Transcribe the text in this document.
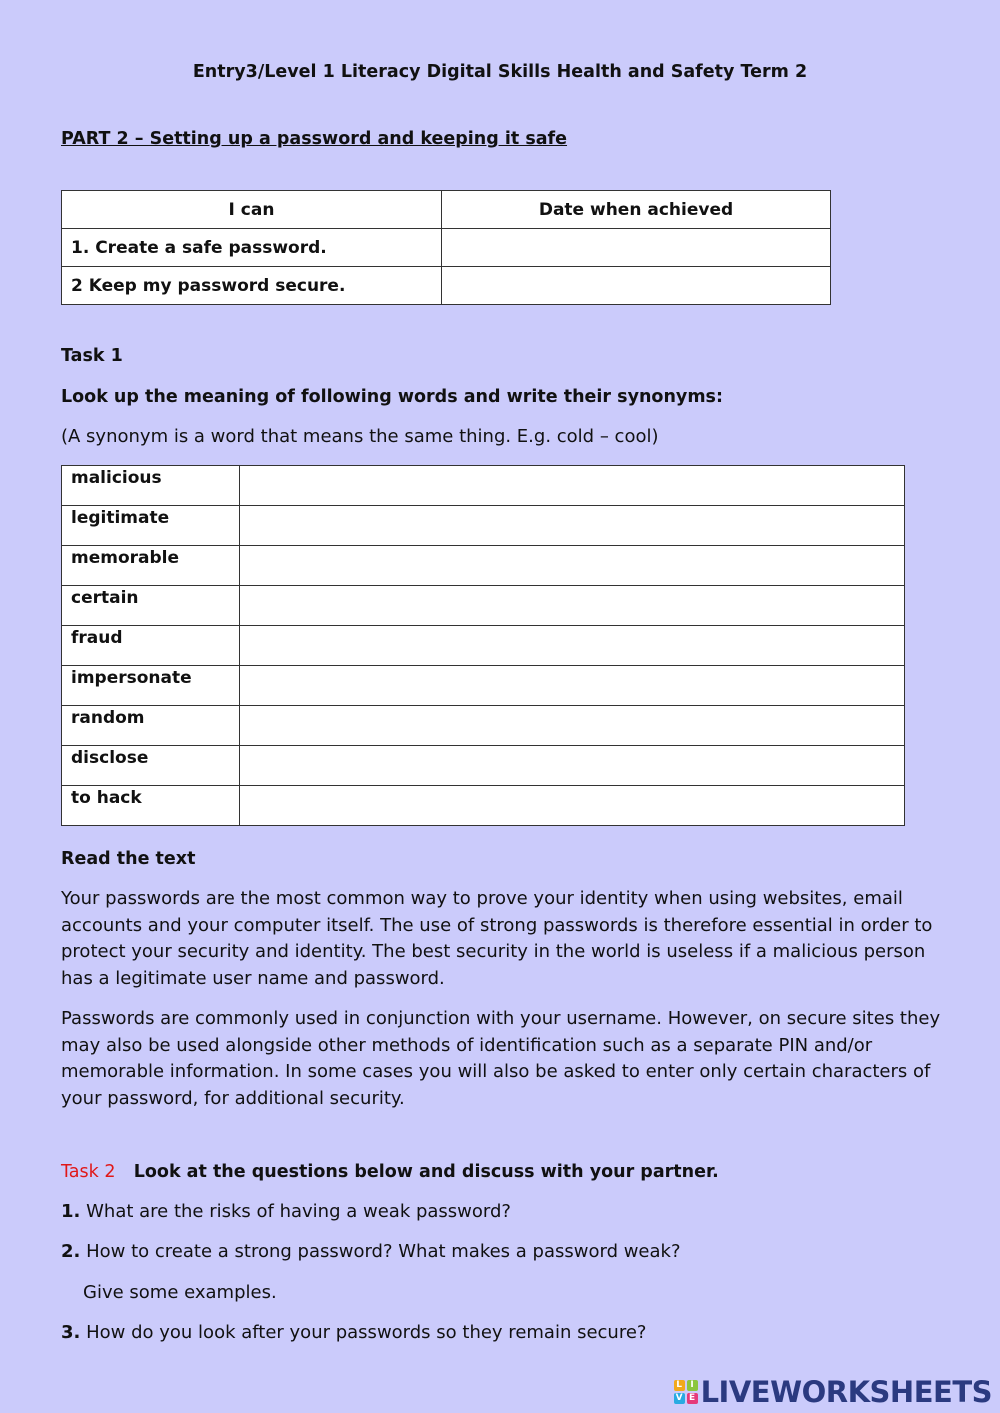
Entry3/Level 1 Literacy Digital Skills Health and Safety Term 2
PART 2 – Setting up a password and keeping it safe
I can	Date when achieved
1. Create a safe password.	
2 Keep my password secure.	
Task 1
Look up the meaning of following words and write their synonyms:
(A synonym is a word that means the same thing. E.g. cold – cool)
malicious	
legitimate	
memorable	
certain	
fraud	
impersonate	
random	
disclose	
to hack	
Read the text
Your passwords are the most common way to prove your identity when using websites, email accounts and your computer itself. The use of strong passwords is therefore essential in order to protect your security and identity. The best security in the world is useless if a malicious person has a legitimate user name and password.
Passwords are commonly used in conjunction with your username. However, on secure sites they may also be used alongside other methods of identification such as a separate PIN and/or memorable information. In some cases you will also be asked to enter only certain characters of your password, for additional security.
Task 2 Look at the questions below and discuss with your partner.
1. What are the risks of having a weak password?
2. How to create a strong password? What makes a password weak?
Give some examples.
3. How do you look after your passwords so they remain secure?
L I
V E LIVEWORKSHEETS
